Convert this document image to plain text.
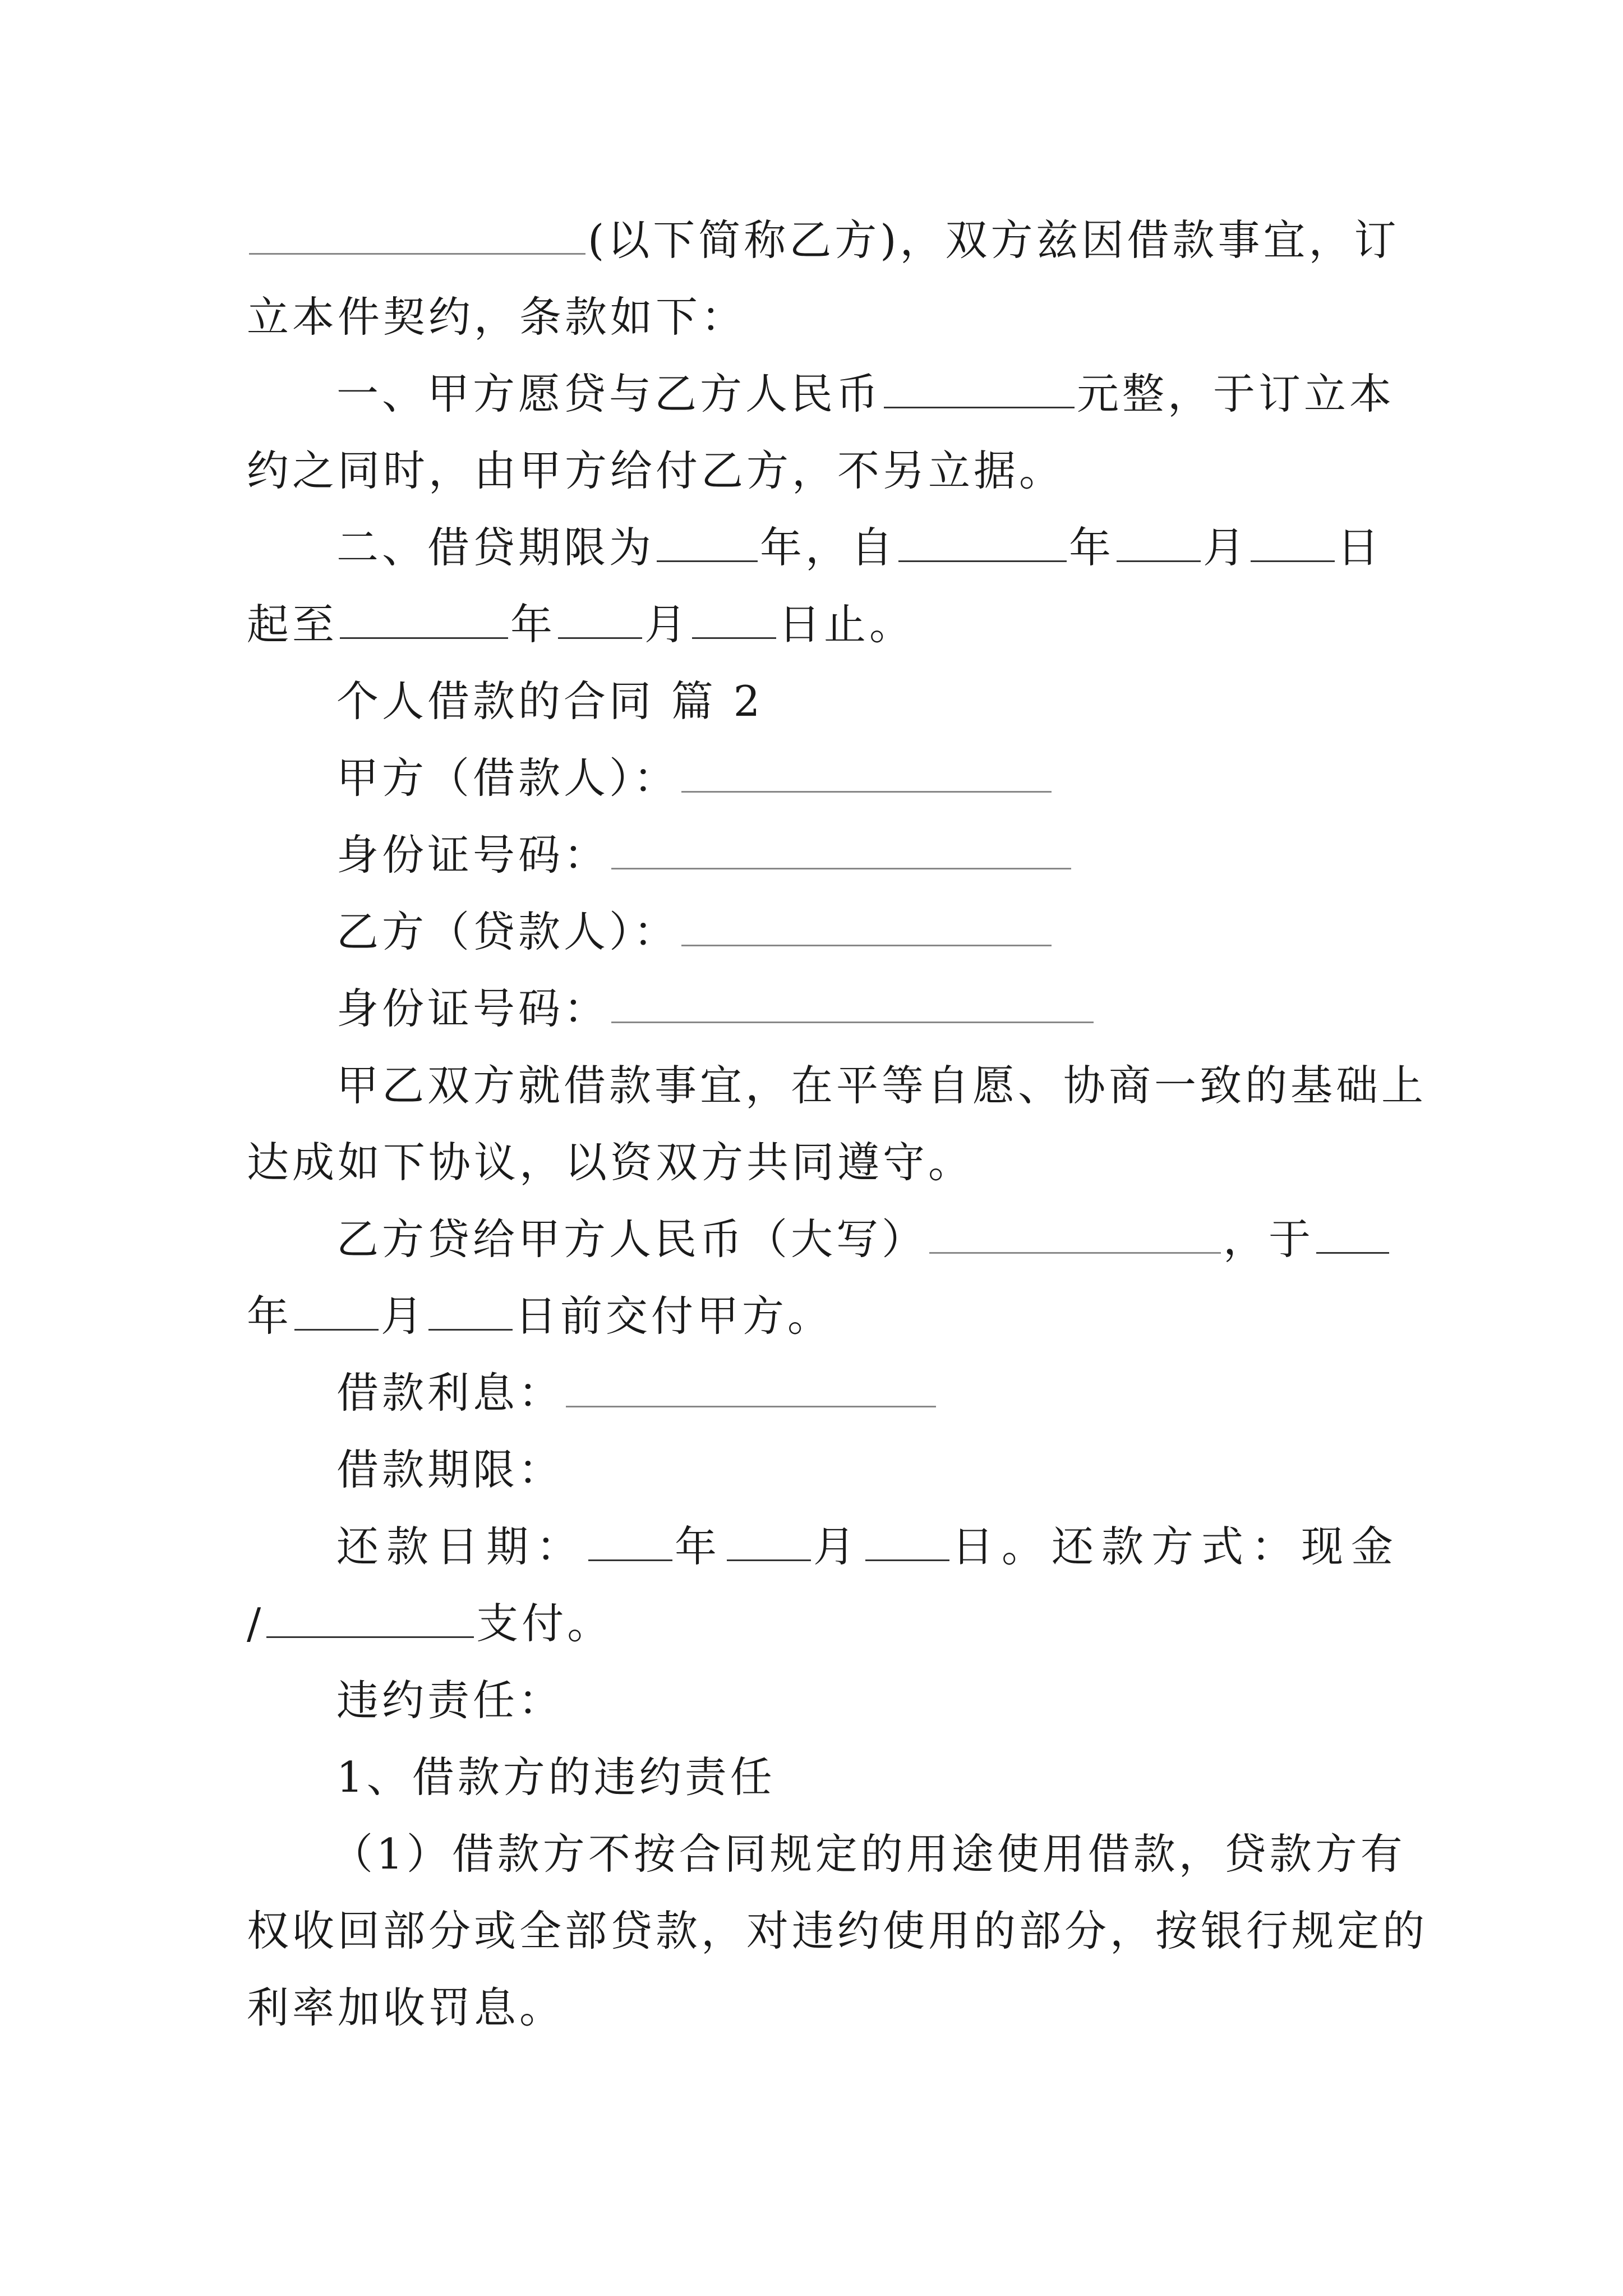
(以下简称乙方)，双方兹因借款事宜，订
立本件契约，条款如下：
一、甲方愿贷与乙方人民币	元整，于订立本
约之同时，由甲方给付乙方，不另立据。
二、借贷期限为	年，自	年 月 日
起至	年 月 日止。
个人借款的合同 篇 2
甲方（借款人）：
身份证号码：
乙方（贷款人）：
身份证号码：
甲乙双方就借款事宜，在平等自愿、协商一致的基础上
达成如下协议，以资双方共同遵守。
乙方贷给甲方人民币（大写）	，于
年 月 日前交付甲方。
借款利息：
借款期限：
还款日期： 年 月 日。还款方式：现金
/	支付。
违约责任：
1、借款方的违约责任
（1）借款方不按合同规定的用途使用借款，贷款方有
权收回部分或全部贷款，对违约使用的部分，按银行规定的
利率加收罚息。
